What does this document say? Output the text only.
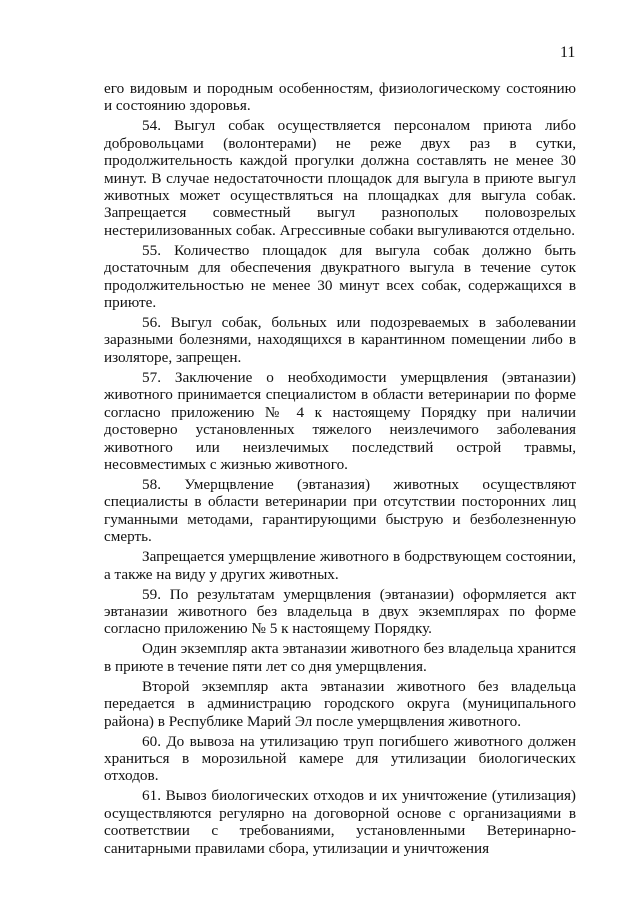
11

его видовым и породным особенностям, физиологическому состоянию и состоянию здоровья.

54. Выгул собак осуществляется персоналом приюта либо добровольцами (волонтерами) не реже двух раз в сутки, продолжительность каждой прогулки должна составлять не менее 30 минут. В случае недостаточности площадок для выгула в приюте выгул животных может осуществляться на площадках для выгула собак. Запрещается совместный выгул разнополых половозрелых нестерилизованных собак. Агрессивные собаки выгуливаются отдельно.

55. Количество площадок для выгула собак должно быть достаточным для обеспечения двукратного выгула в течение суток продолжительностью не менее 30 минут всех собак, содержащихся в приюте.

56. Выгул собак, больных или подозреваемых в заболевании заразными болезнями, находящихся в карантинном помещении либо в изоляторе, запрещен.

57. Заключение о необходимости умерщвления (эвтаназии) животного принимается специалистом в области ветеринарии по форме согласно приложению № 4 к настоящему Порядку при наличии достоверно установленных тяжелого неизлечимого заболевания животного или неизлечимых последствий острой травмы, несовместимых с жизнью животного.

58. Умерщвление (эвтаназия) животных осуществляют специалисты в области ветеринарии при отсутствии посторонних лиц гуманными методами, гарантирующими быструю и безболезненную смерть.

Запрещается умерщвление животного в бодрствующем состоянии, а также на виду у других животных.

59. По результатам умерщвления (эвтаназии) оформляется акт эвтаназии животного без владельца в двух экземплярах по форме согласно приложению № 5 к настоящему Порядку.

Один экземпляр акта эвтаназии животного без владельца хранится в приюте в течение пяти лет со дня умерщвления.

Второй экземпляр акта эвтаназии животного без владельца передается в администрацию городского округа (муниципального района) в Республике Марий Эл после умерщвления животного.

60. До вывоза на утилизацию труп погибшего животного должен храниться в морозильной камере для утилизации биологических отходов.

61. Вывоз биологических отходов и их уничтожение (утилизация) осуществляются регулярно на договорной основе с организациями в соответствии с требованиями, установленными Ветеринарно-санитарными правилами сбора, утилизации и уничтожения
